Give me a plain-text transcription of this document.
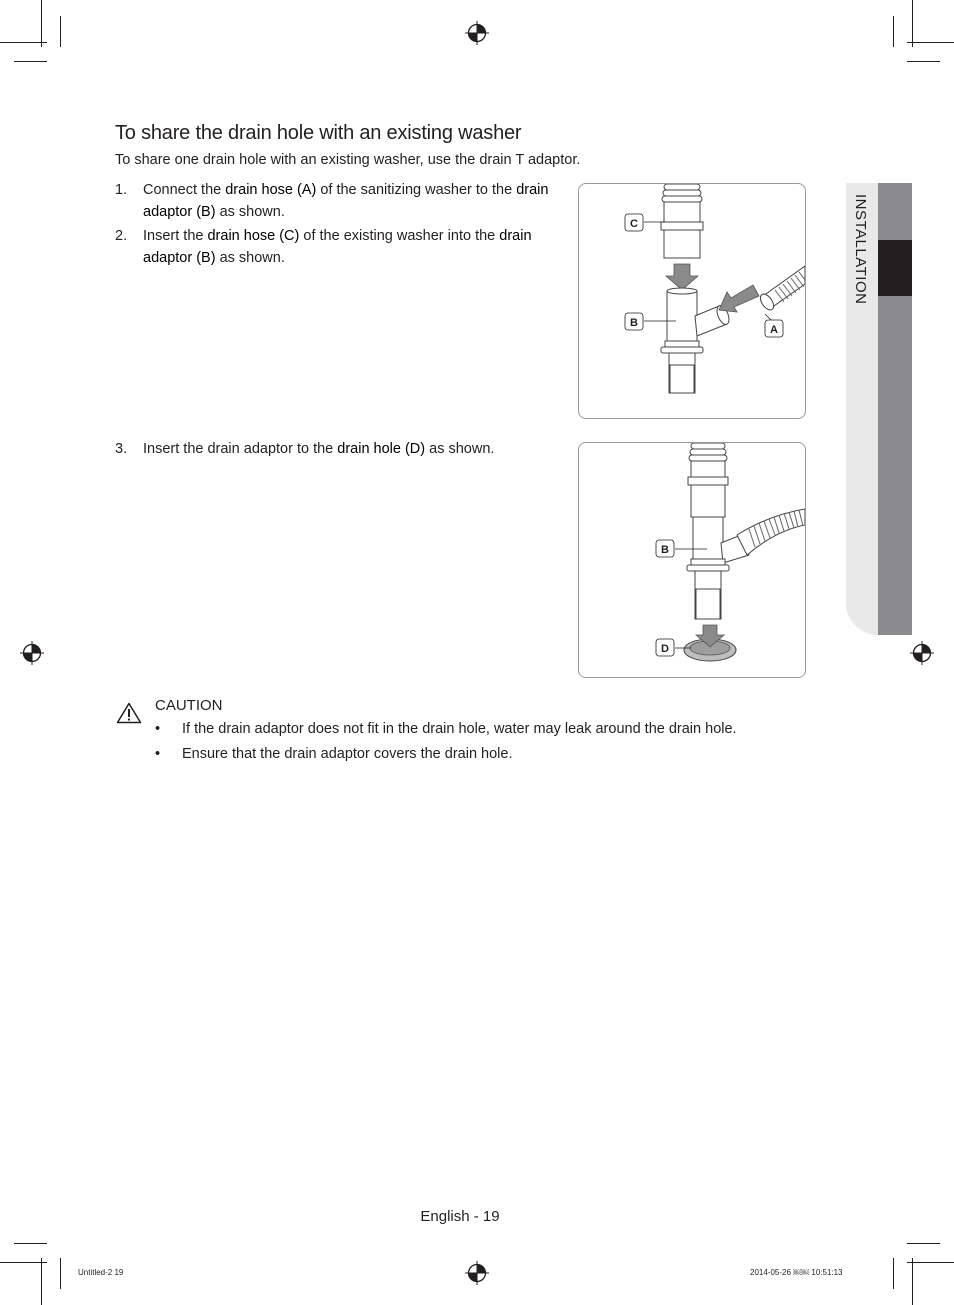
INSTALLATION
To share the drain hole with an existing washer
To share one drain hole with an existing washer, use the drain T adaptor.
1. Connect the drain hose (A) of the sanitizing washer to the drain adaptor (B) as shown.
2. Insert the drain hose (C) of the existing washer into the drain adaptor (B) as shown.
3. Insert the drain adaptor to the drain hole (D) as shown.
C
B
A
B
D
CAUTION
• If the drain adaptor does not fit in the drain hole, water may leak around the drain hole.
• Ensure that the drain adaptor covers the drain hole.
English - 19
Untitled-2 19	2014-05-26 ￼￼ 10:51:13
